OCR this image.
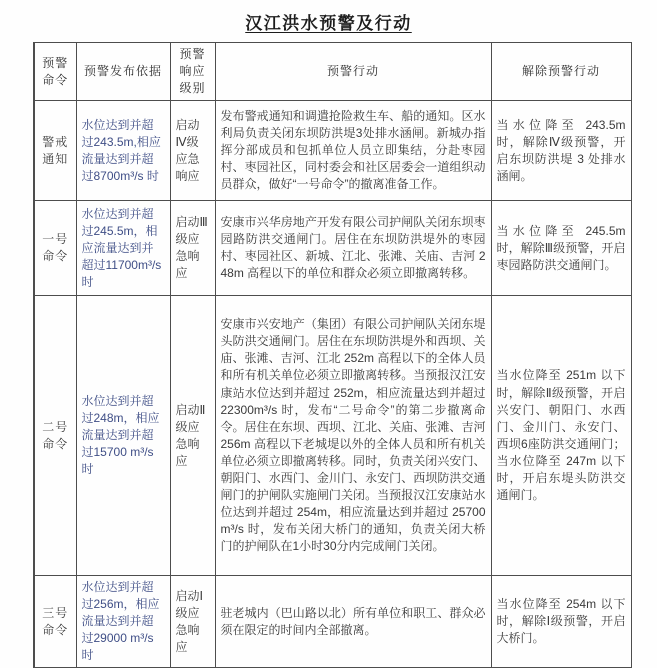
汉江洪水预警及行动
预警命令	预警发布依据	预警响应级别	预警行动	解除预警行动
警戒通知	水位达到并超过243.5m,相应流量达到并超过8700m³/s 时	启动Ⅳ级应急响应	发布警戒通知和调遣抢险救生车、船的通知。区水利局负责关闭东坝防洪堤3处排水涵闸。新城办指挥分部成员和包抓单位人员立即集结，分赴枣园村、枣园社区，同村委会和社区居委会一道组织动员群众，做好“一号命令”的撤离准备工作。	当水位降至 243.5m 时，解除Ⅳ级预警，开启东坝防洪堤 3 处排水涵闸。
一号命令	水位达到并超过245.5m，相应流量达到并超过11700m³/s 时	启动Ⅲ级应急响应	安康市兴华房地产开发有限公司护闸队关闭东坝枣园路防洪交通闸门。居住在东坝防洪堤外的枣园村、枣园社区、新城、江北、张滩、关庙、吉河 248m 高程以下的单位和群众必须立即撤离转移。	当水位降至 245.5m 时，解除Ⅲ级预警，开启枣园路防洪交通闸门。
二号命令	水位达到并超过248m，相应流量达到并超过15700 m³/s 时	启动Ⅱ级应急响应	安康市兴安地产（集团）有限公司护闸队关闭东堤头防洪交通闸门。居住在东坝防洪堤外和西坝、关庙、张滩、吉河、江北 252m 高程以下的全体人员和所有机关单位必须立即撤离转移。当预报汉江安康站水位达到并超过 252m，相应流量达到并超过 22300m³/s 时，发布“二号命令”的第二步撤离命令。居住在东坝、西坝、江北、关庙、张滩、吉河 256m 高程以下老城堤以外的全体人员和所有机关单位必须立即撤离转移。同时，负责关闭兴安门、朝阳门、水西门、金川门、永安门、西坝防洪交通闸门的护闸队实施闸门关闭。当预报汉江安康站水位达到并超过 254m，相应流量达到并超过 25700 m³/s 时，发布关闭大桥门的通知，负责关闭大桥门的护闸队在1小时30分内完成闸门关闭。	当水位降至 251m 以下时，解除Ⅱ级预警，开启兴安门、朝阳门、水西门、金川门、永安门、西坝6座防洪交通闸门；当水位降至 247m 以下时，开启东堤头防洪交通闸门。
三号命令	水位达到并超过256m，相应流量达到并超过29000 m³/s 时	启动Ⅰ级应急响应	驻老城内（巴山路以北）所有单位和职工、群众必须在限定的时间内全部撤离。	当水位降至 254m 以下时，解除Ⅰ级预警，开启大桥门。
